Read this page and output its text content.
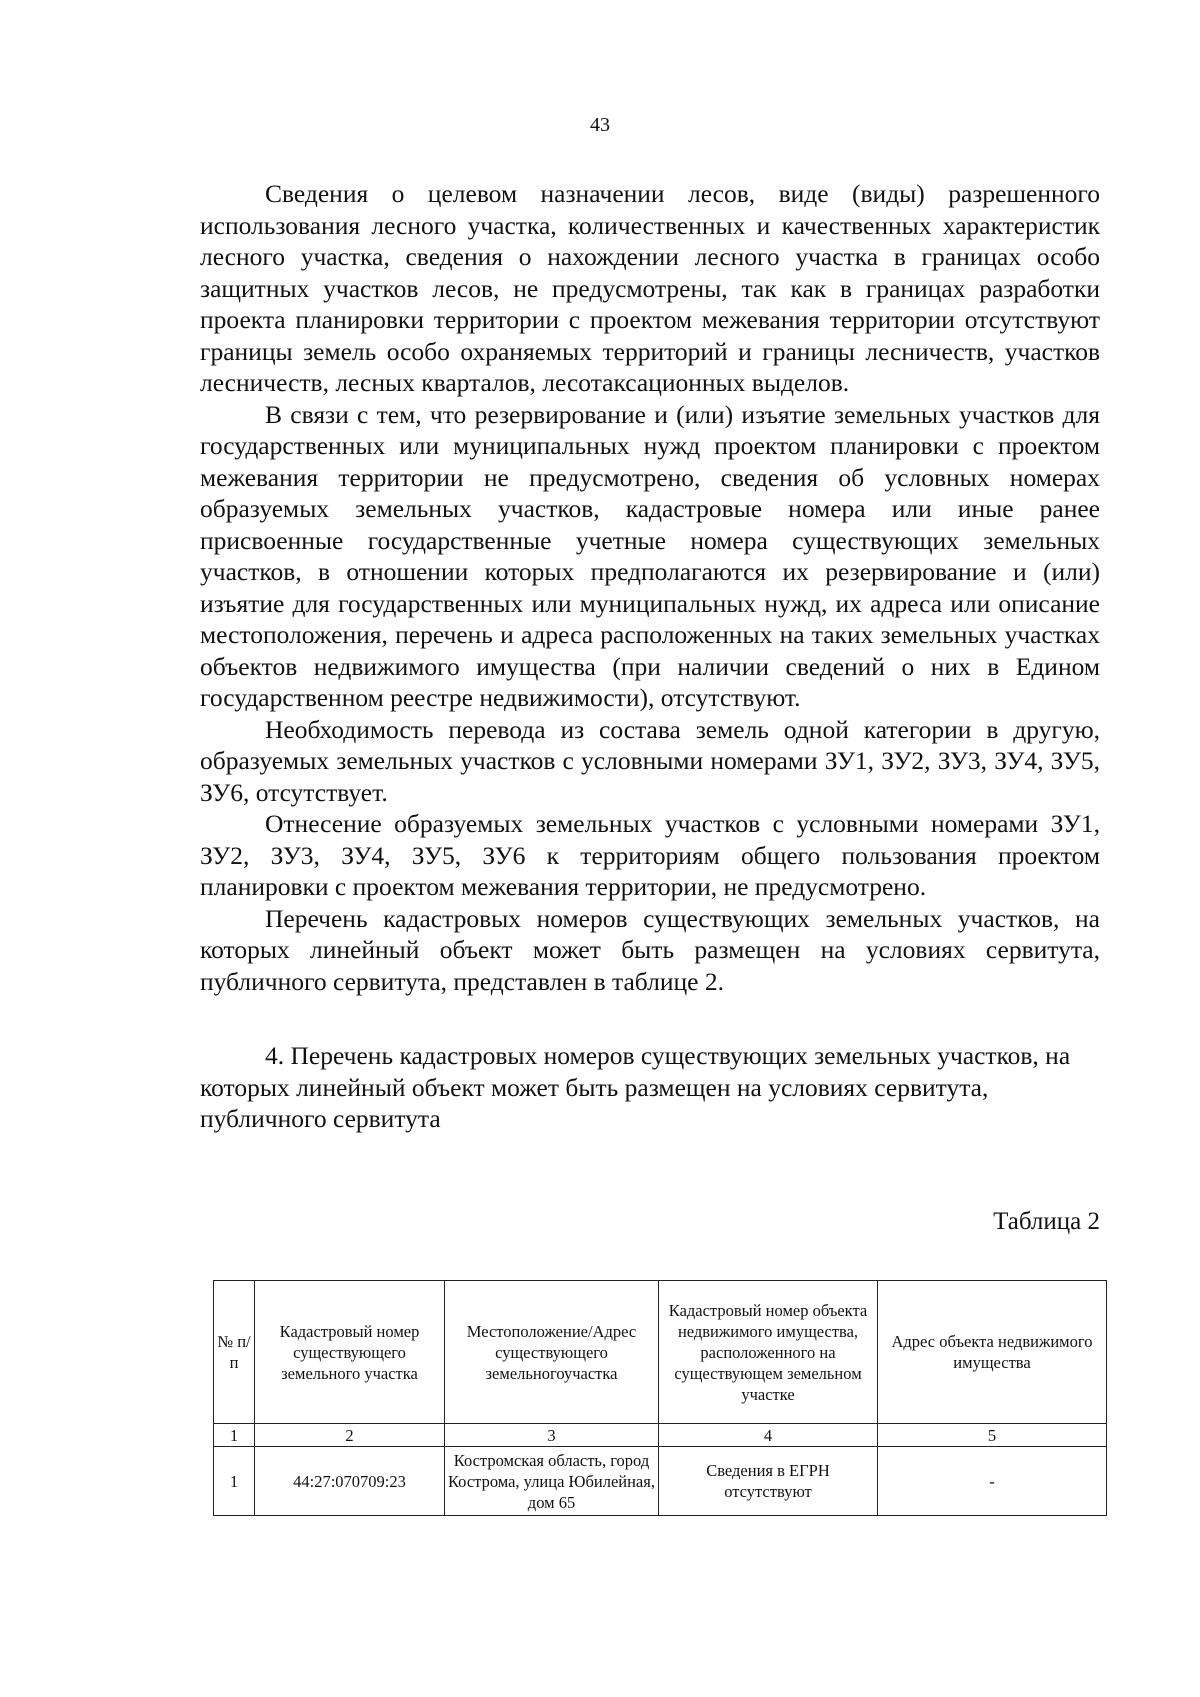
43

Сведения о целевом назначении лесов, виде (виды) разрешенного использования лесного участка, количественных и качественных характеристик лесного участка, сведения о нахождении лесного участка в границах особо защитных участков лесов, не предусмотрены, так как в границах разработки проекта планировки территории с проектом межевания территории отсутствуют границы земель особо охраняемых территорий и границы лесничеств, участков лесничеств, лесных кварталов, лесотаксационных выделов.

В связи с тем, что резервирование и (или) изъятие земельных участков для государственных или муниципальных нужд проектом планировки с проектом межевания территории не предусмотрено, сведения об условных номерах образуемых земельных участков, кадастровые номера или иные ранее присвоенные государственные учетные номера существующих земельных участков, в отношении которых предполагаются их резервирование и (или) изъятие для государственных или муниципальных нужд, их адреса или описание местоположения, перечень и адреса расположенных на таких земельных участках объектов недвижимого имущества (при наличии сведений о них в Едином государственном реестре недвижимости), отсутствуют.

Необходимость перевода из состава земель одной категории в другую, образуемых земельных участков с условными номерами ЗУ1, ЗУ2, ЗУ3, ЗУ4, ЗУ5, ЗУ6, отсутствует.

Отнесение образуемых земельных участков с условными номерами ЗУ1, ЗУ2, ЗУ3, ЗУ4, ЗУ5, ЗУ6 к территориям общего пользования проектом планировки с проектом межевания территории, не предусмотрено.

Перечень кадастровых номеров существующих земельных участков, на которых линейный объект может быть размещен на условиях сервитута, публичного сервитута, представлен в таблице 2.

4. Перечень кадастровых номеров существующих земельных участков, на которых линейный объект может быть размещен на условиях сервитута, публичного сервитута

Таблица 2
№ п/п	Кадастровый номер существующего земельного участка	Местоположение/Адрес существующего земельногоучастка	Кадастровый номер объекта недвижимого имущества, расположенного на существующем земельном участке	Адрес объекта недвижимого имущества
1	2	3	4	5
1	44:27:070709:23	Костромская область, город Кострома, улица Юбилейная, дом 65	Сведения в ЕГРН отсутствуют	-
